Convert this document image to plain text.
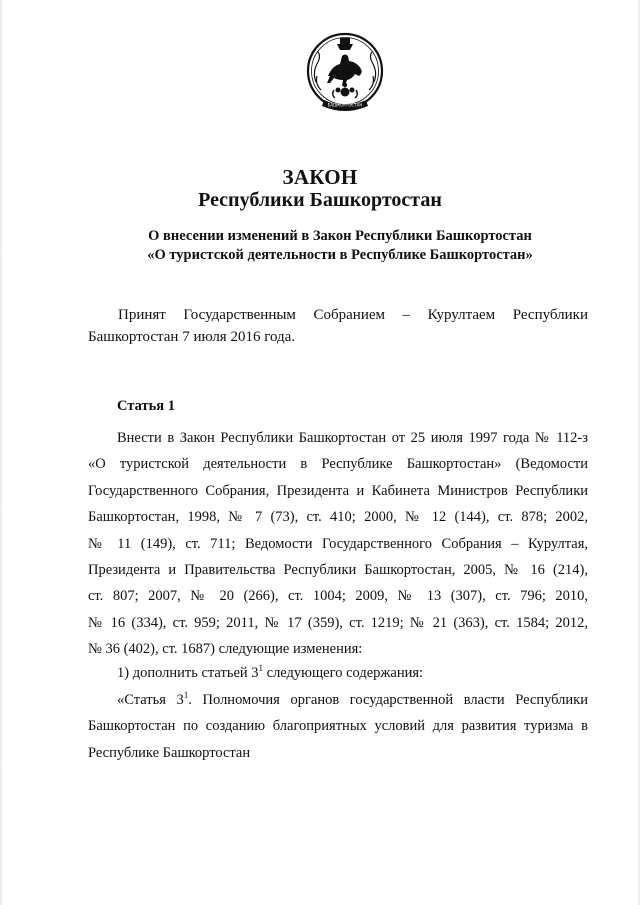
БАШКОРТОСТАН
ЗАКОН
Республики Башкортостан
О внесении изменений в Закон Республики Башкортостан
«О туристской деятельности в Республике Башкортостан»
Принят Государственным Собранием – Курултаем Республики
Башкортостан 7 июля 2016 года.
Статья 1
Внести в Закон Республики Башкортостан от 25 июля 1997 года № 112-з
«О туристской деятельности в Республике Башкортостан» (Ведомости
Государственного Собрания, Президента и Кабинета Министров Республики
Башкортостан, 1998, № 7 (73), ст. 410; 2000, № 12 (144), ст. 878; 2002,
№ 11 (149), ст. 711; Ведомости Государственного Собрания – Курултая,
Президента и Правительства Республики Башкортостан, 2005, № 16 (214),
ст. 807; 2007, № 20 (266), ст. 1004; 2009, № 13 (307), ст. 796; 2010,
№ 16 (334), ст. 959; 2011, № 17 (359), ст. 1219; № 21 (363), ст. 1584; 2012,
№ 36 (402), ст. 1687) следующие изменения:
1) дополнить статьей $3^1$ следующего содержания:
«Статья $3^1$. Полномочия органов государственной власти Республики
Башкортостан по созданию благоприятных условий для развития туризма в
Республике Башкортостан
